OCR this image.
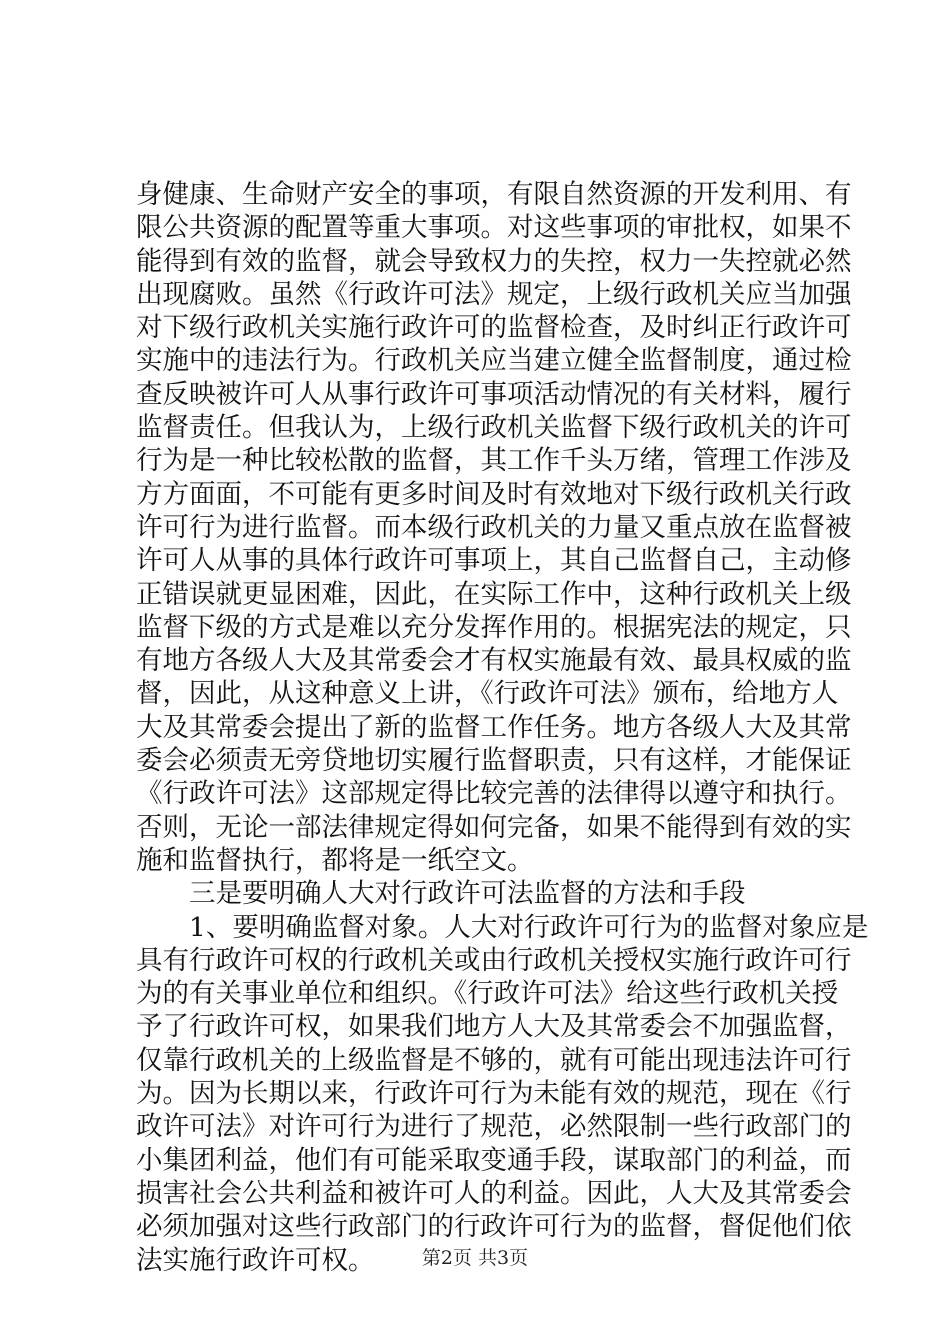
身健康、生命财产安全的事项，有限自然资源的开发利用、有
限公共资源的配置等重大事项。对这些事项的审批权，如果不
能得到有效的监督，就会导致权力的失控，权力一失控就必然
出现腐败。虽然《行政许可法》规定，上级行政机关应当加强
对下级行政机关实施行政许可的监督检查，及时纠正行政许可
实施中的违法行为。行政机关应当建立健全监督制度，通过检
查反映被许可人从事行政许可事项活动情况的有关材料，履行
监督责任。但我认为，上级行政机关监督下级行政机关的许可
行为是一种比较松散的监督，其工作千头万绪，管理工作涉及
方方面面，不可能有更多时间及时有效地对下级行政机关行政
许可行为进行监督。而本级行政机关的力量又重点放在监督被
许可人从事的具体行政许可事项上，其自己监督自己，主动修
正错误就更显困难，因此，在实际工作中，这种行政机关上级
监督下级的方式是难以充分发挥作用的。根据宪法的规定，只
有地方各级人大及其常委会才有权实施最有效、最具权威的监
督，因此，从这种意义上讲，《行政许可法》颁布，给地方人
大及其常委会提出了新的监督工作任务。地方各级人大及其常
委会必须责无旁贷地切实履行监督职责，只有这样，才能保证
《行政许可法》这部规定得比较完善的法律得以遵守和执行。
否则，无论一部法律规定得如何完备，如果不能得到有效的实
施和监督执行，都将是一纸空文。
三是要明确人大对行政许可法监督的方法和手段
1、要明确监督对象。人大对行政许可行为的监督对象应是
具有行政许可权的行政机关或由行政机关授权实施行政许可行
为的有关事业单位和组织。《行政许可法》给这些行政机关授
予了行政许可权，如果我们地方人大及其常委会不加强监督，
仅靠行政机关的上级监督是不够的，就有可能出现违法许可行
为。因为长期以来，行政许可行为未能有效的规范，现在《行
政许可法》对许可行为进行了规范，必然限制一些行政部门的
小集团利益，他们有可能采取变通手段，谋取部门的利益，而
损害社会公共利益和被许可人的利益。因此，人大及其常委会
必须加强对这些行政部门的行政许可行为的监督，督促他们依
法实施行政许可权。	第2页 共3页
